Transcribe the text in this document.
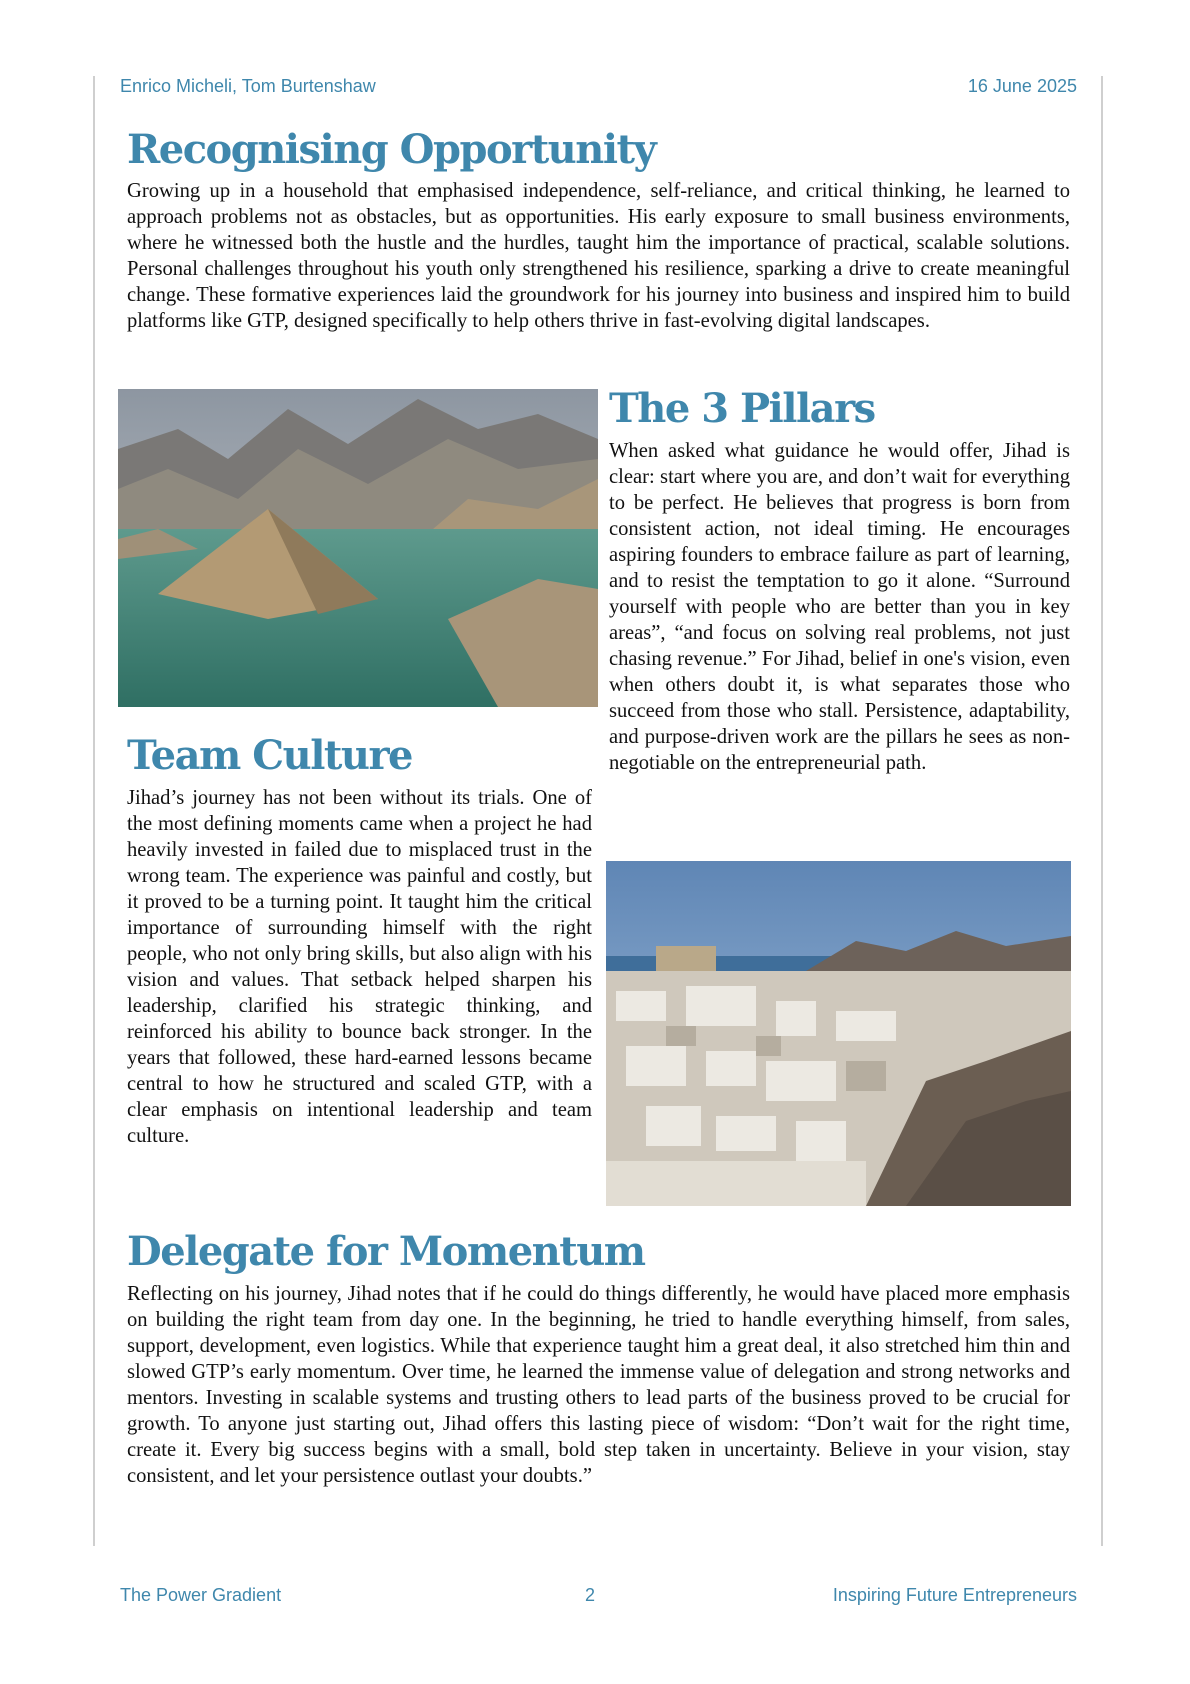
Enrico Micheli, Tom Burtenshaw	16 June 2025
Recognising Opportunity

Growing up in a household that emphasised independence, self-reliance, and critical thinking, he learned to approach problems not as obstacles, but as opportunities. His early exposure to small business environments, where he witnessed both the hustle and the hurdles, taught him the importance of practical, scalable solutions. Personal challenges throughout his youth only strengthened his resilience, sparking a drive to create meaningful change. These formative experiences laid the groundwork for his journey into business and inspired him to build platforms like GTP, designed specifically to help others thrive in fast-evolving digital landscapes.

The 3 Pillars

When asked what guidance he would offer, Jihad is clear: start where you are, and don’t wait for everything to be perfect. He believes that progress is born from consistent action, not ideal timing. He encourages aspiring founders to embrace failure as part of learning, and to resist the temptation to go it alone. “Surround yourself with people who are better than you in key areas”, “and focus on solving real problems, not just chasing revenue.” For Jihad, belief in one's vision, even when others doubt it, is what separates those who succeed from those who stall. Persistence, adaptability, and purpose-driven work are the pillars he sees as non-negotiable on the entrepreneurial path.

Team Culture

Jihad’s journey has not been without its trials. One of the most defining moments came when a project he had heavily invested in failed due to misplaced trust in the wrong team. The experience was painful and costly, but it proved to be a turning point. It taught him the critical importance of surrounding himself with the right people, who not only bring skills, but also align with his vision and values. That setback helped sharpen his leadership, clarified his strategic thinking, and reinforced his ability to bounce back stronger. In the years that followed, these hard-earned lessons became central to how he structured and scaled GTP, with a clear emphasis on intentional leadership and team culture.

Delegate for Momentum

Reflecting on his journey, Jihad notes that if he could do things differently, he would have placed more emphasis on building the right team from day one. In the beginning, he tried to handle everything himself, from sales, support, development, even logistics. While that experience taught him a great deal, it also stretched him thin and slowed GTP’s early momentum. Over time, he learned the immense value of delegation and strong networks and mentors. Investing in scalable systems and trusting others to lead parts of the business proved to be crucial for growth. To anyone just starting out, Jihad offers this lasting piece of wisdom: “Don’t wait for the right time, create it. Every big success begins with a small, bold step taken in uncertainty. Believe in your vision, stay consistent, and let your persistence outlast your doubts.”

The Power Gradient	2	Inspiring Future Entrepreneurs
